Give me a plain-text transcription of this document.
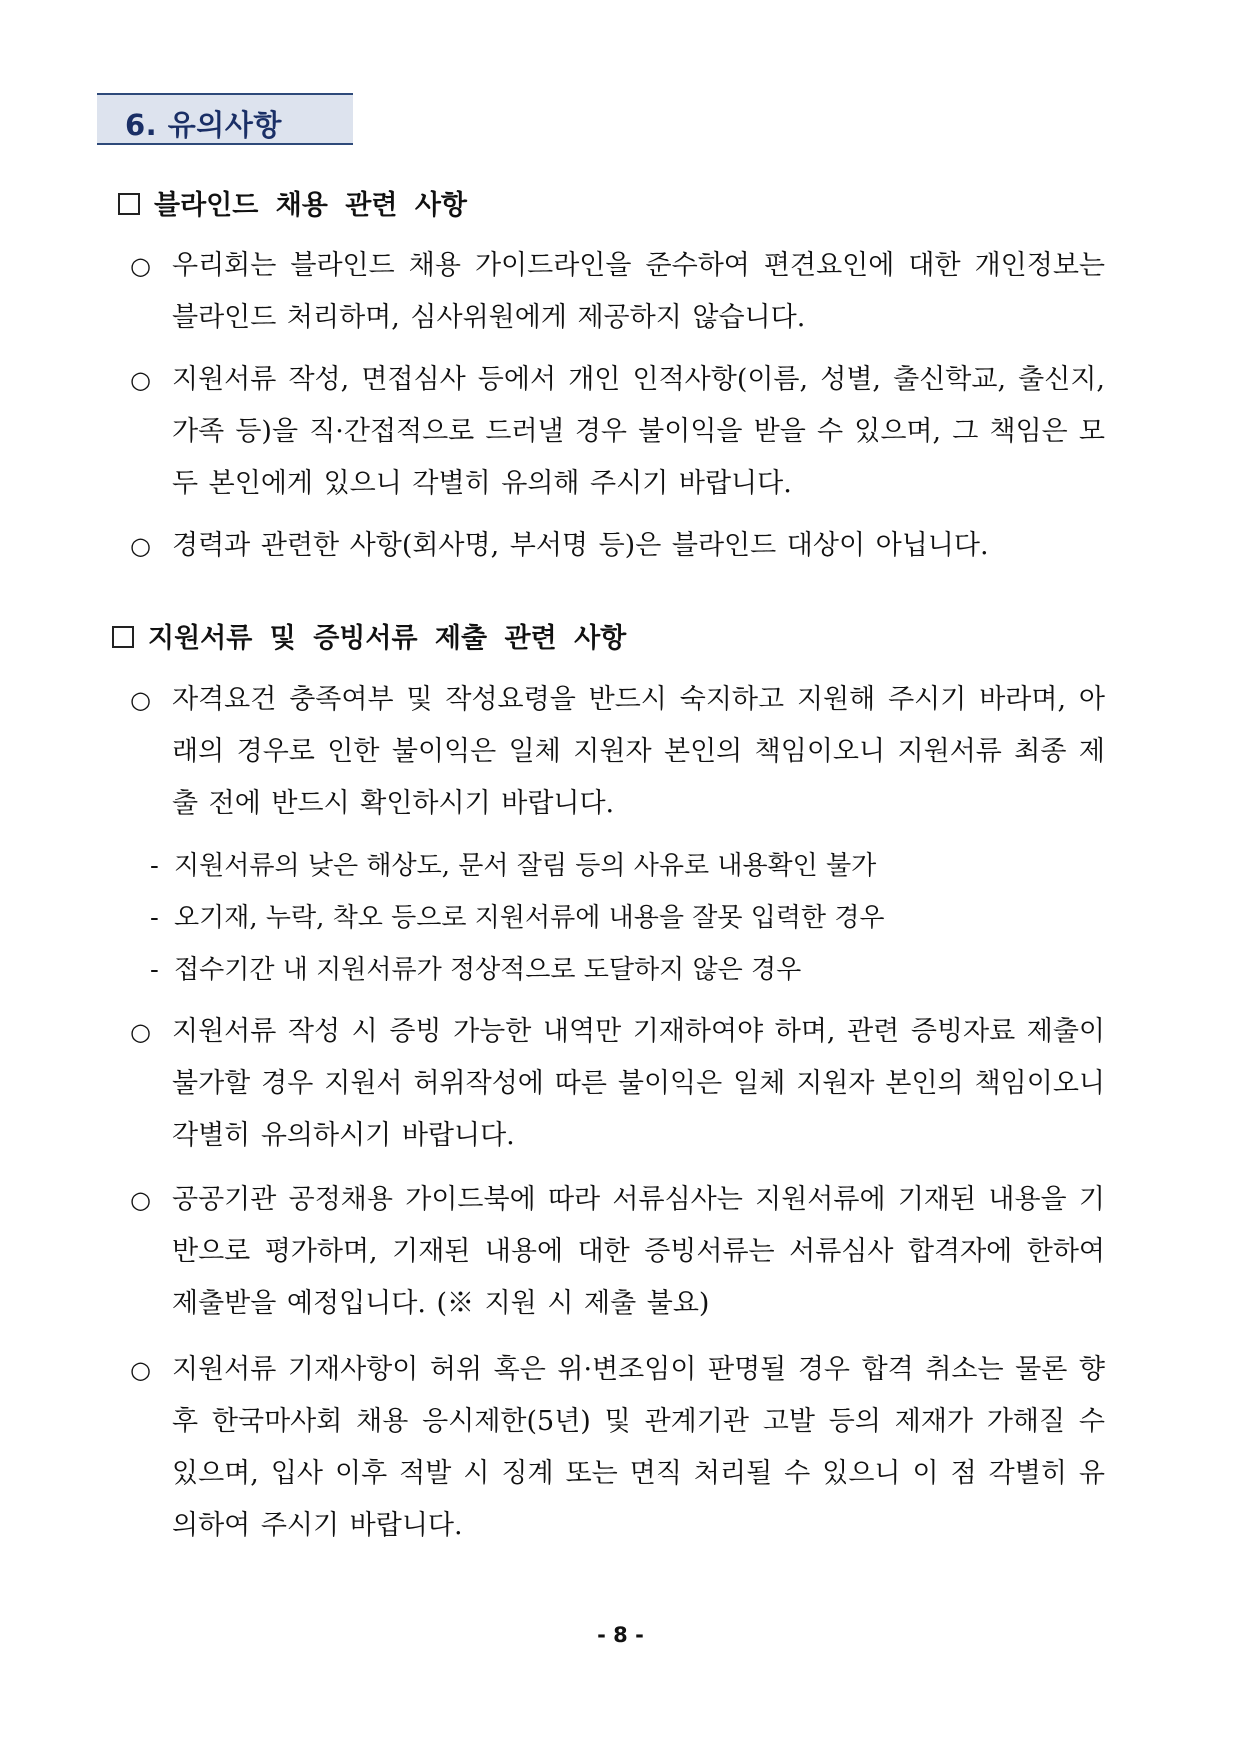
6. 유의사항
블라인드 채용 관련 사항
○ 우리회는 블라인드 채용 가이드라인을 준수하여 편견요인에 대한 개인정보는 블라인드 처리하며, 심사위원에게 제공하지 않습니다.
○ 지원서류 작성, 면접심사 등에서 개인 인적사항(이름, 성별, 출신학교, 출신지, 가족 등)을 직·간접적으로 드러낼 경우 불이익을 받을 수 있으며, 그 책임은 모두 본인에게 있으니 각별히 유의해 주시기 바랍니다.
○ 경력과 관련한 사항(회사명, 부서명 등)은 블라인드 대상이 아닙니다.
지원서류 및 증빙서류 제출 관련 사항
○ 자격요건 충족여부 및 작성요령을 반드시 숙지하고 지원해 주시기 바라며, 아래의 경우로 인한 불이익은 일체 지원자 본인의 책임이오니 지원서류 최종 제출 전에 반드시 확인하시기 바랍니다.
- 지원서류의 낮은 해상도, 문서 잘림 등의 사유로 내용확인 불가
- 오기재, 누락, 착오 등으로 지원서류에 내용을 잘못 입력한 경우
- 접수기간 내 지원서류가 정상적으로 도달하지 않은 경우
○ 지원서류 작성 시 증빙 가능한 내역만 기재하여야 하며, 관련 증빙자료 제출이 불가할 경우 지원서 허위작성에 따른 불이익은 일체 지원자 본인의 책임이오니 각별히 유의하시기 바랍니다.
○ 공공기관 공정채용 가이드북에 따라 서류심사는 지원서류에 기재된 내용을 기반으로 평가하며, 기재된 내용에 대한 증빙서류는 서류심사 합격자에 한하여 제출받을 예정입니다. (※ 지원 시 제출 불요)
○ 지원서류 기재사항이 허위 혹은 위·변조임이 판명될 경우 합격 취소는 물론 향후 한국마사회 채용 응시제한(5년) 및 관계기관 고발 등의 제재가 가해질 수 있으며, 입사 이후 적발 시 징계 또는 면직 처리될 수 있으니 이 점 각별히 유의하여 주시기 바랍니다.
- 8 -
